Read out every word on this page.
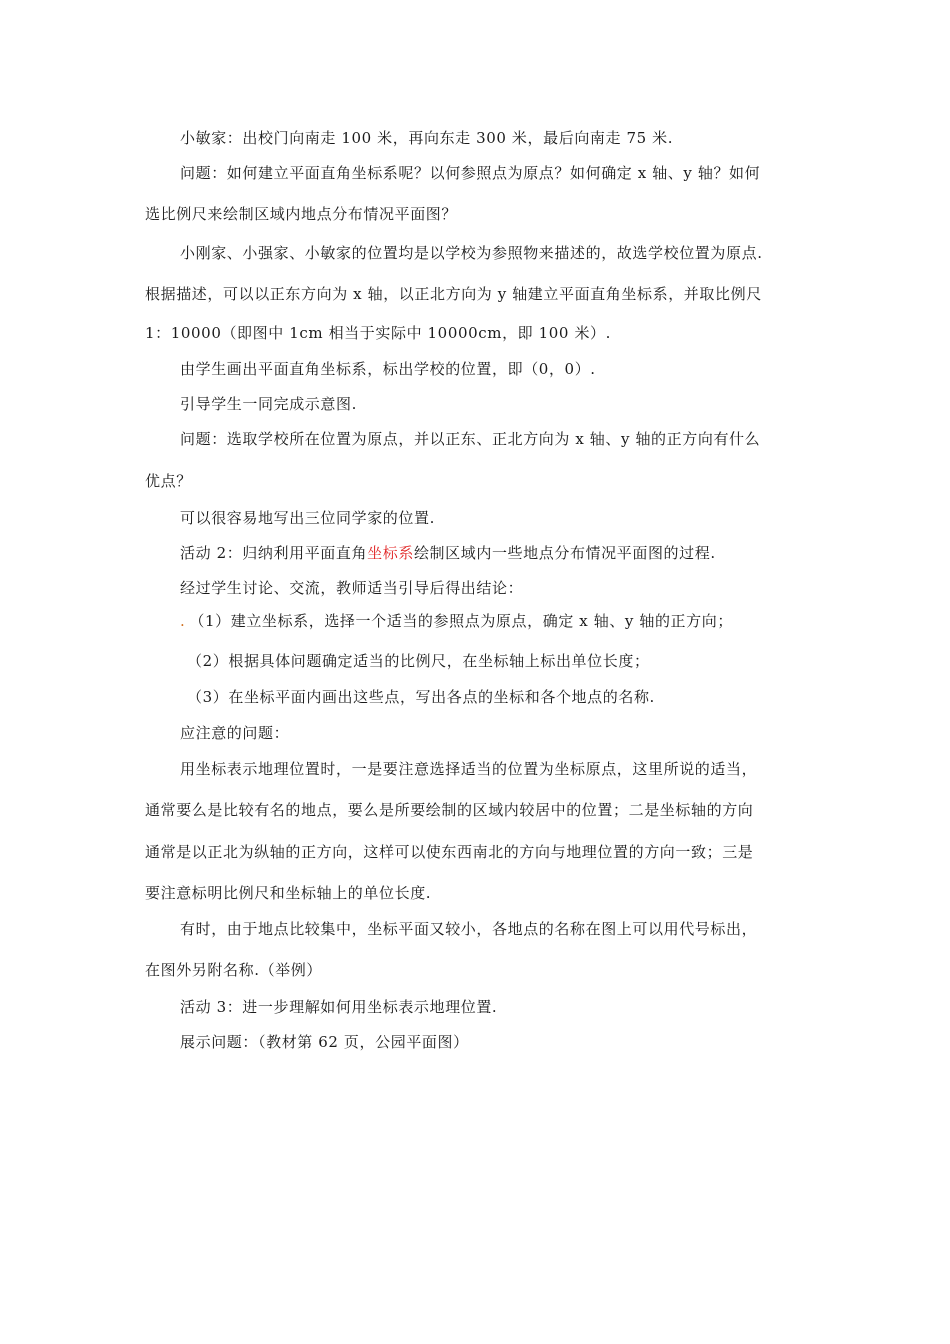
小敏家：出校门向南走 100 米，再向东走 300 米，最后向南走 75 米.
问题：如何建立平面直角坐标系呢？以何参照点为原点？如何确定 x 轴、y 轴？如何
选比例尺来绘制区域内地点分布情况平面图？
小刚家、小强家、小敏家的位置均是以学校为参照物来描述的，故选学校位置为原点.
根据描述，可以以正东方向为 x 轴，以正北方向为 y 轴建立平面直角坐标系，并取比例尺
1：10000（即图中 1cm 相当于实际中 10000cm，即 100 米）.
由学生画出平面直角坐标系，标出学校的位置，即（0，0）.
引导学生一同完成示意图.
问题：选取学校所在位置为原点，并以正东、正北方向为 x 轴、y 轴的正方向有什么
优点？
可以很容易地写出三位同学家的位置.
活动 2：归纳利用平面直角坐标系绘制区域内一些地点分布情况平面图的过程.
经过学生讨论、交流，教师适当引导后得出结论：
. （1）建立坐标系，选择一个适当的参照点为原点，确定 x 轴、y 轴的正方向；
（2）根据具体问题确定适当的比例尺，在坐标轴上标出单位长度；
（3）在坐标平面内画出这些点，写出各点的坐标和各个地点的名称.
应注意的问题：
用坐标表示地理位置时，一是要注意选择适当的位置为坐标原点，这里所说的适当，
通常要么是比较有名的地点，要么是所要绘制的区域内较居中的位置；二是坐标轴的方向
通常是以正北为纵轴的正方向，这样可以使东西南北的方向与地理位置的方向一致；三是
要注意标明比例尺和坐标轴上的单位长度.
有时，由于地点比较集中，坐标平面又较小，各地点的名称在图上可以用代号标出，
在图外另附名称.（举例）
活动 3：进一步理解如何用坐标表示地理位置.
展示问题：（教材第 62 页，公园平面图）
